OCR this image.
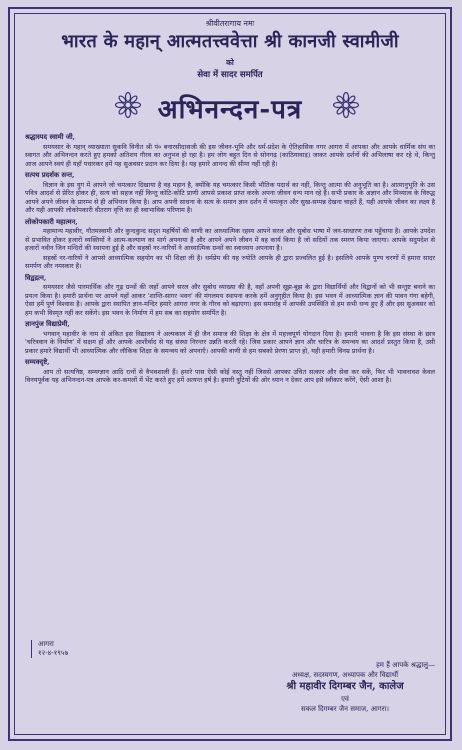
श्रीवीतरागाय नमः
भारत के महान् आत्मतत्त्ववेत्ता श्री कानजी स्वामीजी
को
सेवा में सादर समर्पित
अभिनन्दन-पत्र
श्रद्धास्पद स्वामी जी,

समयसार के महान् व्याख्याता सुकवि विनीत श्री पं० बनारसीदासजी की इस जीवन-भूमि और धर्म-प्रदेश के ऐतिहासिक नगर आगरा में आपका और आपके धार्मिक संघ का स्वागत और अभिनन्दन करते हुए हमको अतिशय गौरव का अनुभव हो रहा है। हम लोग बहुत दिन से सोनगढ़ (काठियावाड़) जाकर आपके दर्शनों की अभिलाषा कर रहे थे, किन्तु आज आपने स्वयं ही यहाँ पधारकर हमें यह सुअवसर प्रदान कर दिया है। यह हमारे आनन्द की सीमा नहीं रही है।

सत्पथ प्रदर्शक सन्त,

विज्ञान के इस युग में आपने जो चमत्कार दिखाया है वह महान है, क्योंकि यह चमत्कार किसी भौतिक पदार्थ का नहीं, किन्तु आत्मा की अनुभूति का है। आत्मानुभूति के उस पवित्र आदर्श से प्रेरित होकर ही, सत्य को सहज नहीं किन्तु कोटि-कोटि प्राणी आपसे प्रकाश प्राप्त करके अपना जीवन धन्य मान रहे हैं। सभी प्रकार के अज्ञान और मिथ्यात्व के विरुद्ध आपने अपने जीवन के प्रारम्भ से ही अभियान किया है। आप अपनी साधना के सत्य के समान ज्ञान दर्शन में चमत्कृत और सुख-सम्पन्न देखना चाहते हैं, यही आपके जीवन का लक्ष्य है और यही आपकी लोकोपकारी वीतराग वृत्ति का ही स्वाभाविक परिणाम है।

लोकोपकारी महात्मन,

महामान्य महावीर, गौतमस्वामी और कुन्दकुन्द सदृश महर्षियों की वाणी का आध्यात्मिक रहस्य आपने सरल और सुबोध भाषा में जन-साधारण तक पहुँचाया है। आपके उपदेश से प्रभावित होकर हजारों व्यक्तियों ने आत्म-कल्याण का मार्ग अपनाया है और आपने अपने जीवन में वह कार्य किया है जो सदियों तक स्मरण किया जाएगा। आपके सदुपदेश से हजारों नवीन जिन मन्दिरों की स्थापना हुई है और सहस्रों नर-नारियों ने आध्यात्मिक ग्रन्थों का स्वाध्याय अपनाया है।

सहस्रों नर-नारियों ने आपसे आध्यात्मिक सहयोग का भी शिक्षा ली है। धर्मप्रेम की यह ज्योति आपके ही द्वारा प्रज्वलित हुई है। इसलिये आपके पुण्य चरणों में हमारा सादर समर्पण और नमस्कार है।

विद्वद्रत्न,

समयसार जैसे पारमार्थिक और गूढ़ ग्रन्थों की जहाँ आपने सरल और सुबोध व्याख्या की है, वहाँ अपनी सूझ-बूझ के द्वारा विद्यार्थियों और विद्वानों को भी सन्तुष्ट बनाने का प्रयत्न किया है। हमारी प्रार्थना पर आपने यहाँ आकर 'शान्ति-सागर भवन' की मंगलमय स्थापना करके हमें अनुगृहीत किया है। इस भवन में आध्यात्मिक ज्ञान की पावन गंगा बहेगी, ऐसा हमें पूर्ण विश्वास है। आपके द्वारा स्थापित ज्ञान-मन्दिर हमारे आगरा नगर के गौरव को बढ़ाएगा। इस समारोह में आपकी उपस्थिति से हम सभी धन्य हुए हैं और इस सुअवसर को हम कभी विस्मृत नहीं कर सकेंगे। इस भवन के निर्माण में हम सब का सहयोग समर्पित है।

ज्ञानपुंज विद्याप्रेमी,

भगवान् महावीर के नाम से अंकित इस विद्यालय ने अल्पकाल में ही जैन समाज की शिक्षा के क्षेत्र में महत्त्वपूर्ण योगदान दिया है। हमारी भावना है कि इस संस्था के छात्र 'चरित्रवान के निर्माण' में सक्षम हों और आपके आशीर्वाद से यह संस्था निरन्तर उन्नति करती रहे। जिस प्रकार आपने ज्ञान और चारित्र के समन्वय का आदर्श प्रस्तुत किया है, उसी प्रकार हमारे विद्यार्थी भी आध्यात्मिक और लौकिक शिक्षा के समन्वय को अपनाएँ। आपकी वाणी से हम सबको प्रेरणा प्राप्त हो, यही हमारी विनम्र प्रार्थना है।

सम्यक्दृष्टे,

आप तो सत्यनिष्ठ, सम्यग्ज्ञान आदि रत्नों से वैभवशाली हैं। हमारे पास ऐसी कोई वस्तु नहीं जिससे आपका उचित सत्कार और सेवा कर सकें, फिर भी भावनावश केवल विनयपूर्वक यह अभिनन्दन-पत्र आपके कर-कमलों में भेंट करते हुए हमें अत्यन्त हर्ष है। हमारी त्रुटियों की ओर ध्यान न देकर आप इसे स्वीकार करेंगे, ऐसी आशा है।

आगरा
१२-४-१९५७
हम हैं आपके श्रद्धालु—
अध्यक्ष, सदस्यगण, अध्यापक और विद्यार्थी
श्री महावीर दिगम्बर जैन, कालेज
एवं
सकल दिगम्बर जैन समाज, आगरा।
